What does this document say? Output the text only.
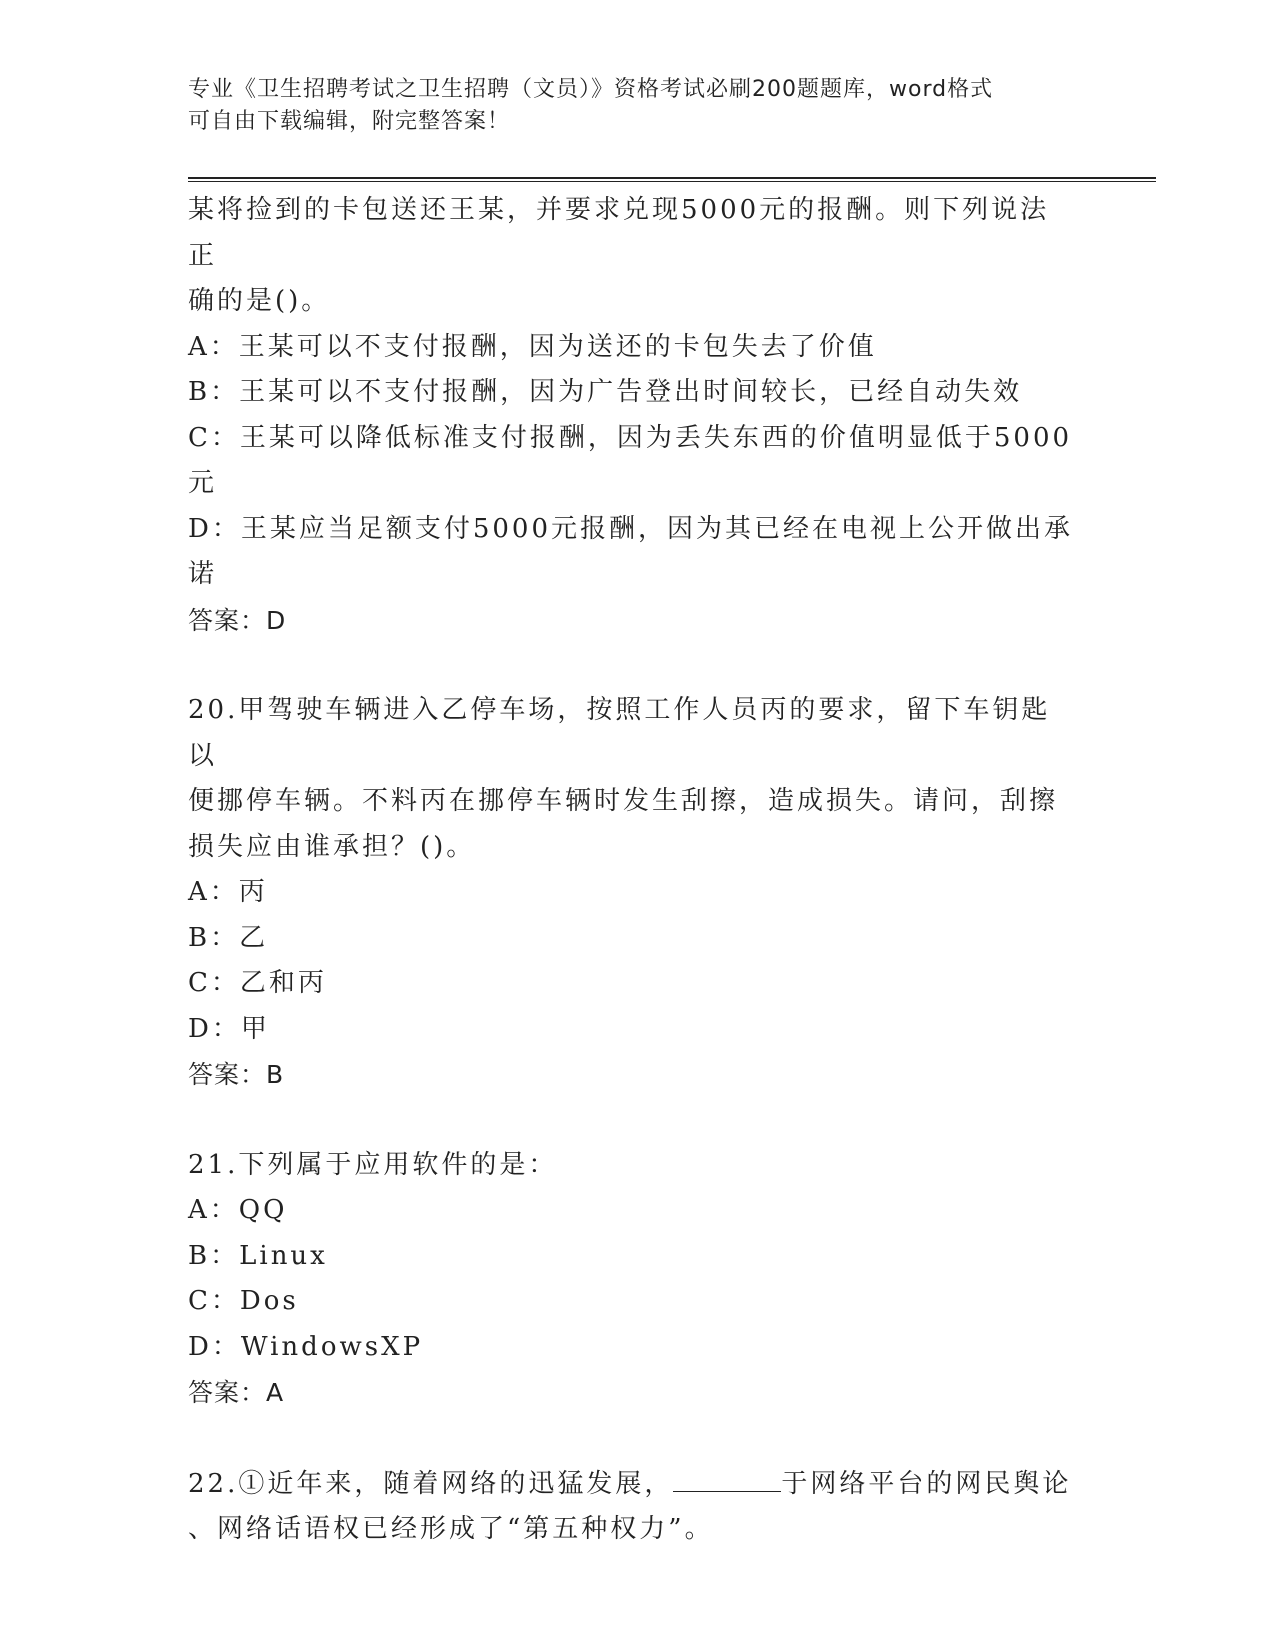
专业《卫生招聘考试之卫生招聘（文员）》资格考试必刷200题题库，word格式
可自由下载编辑，附完整答案！

某将捡到的卡包送还王某，并要求兑现5000元的报酬。则下列说法正

确的是()。

A：王某可以不支付报酬，因为送还的卡包失去了价值

B：王某可以不支付报酬，因为广告登出时间较长，已经自动失效

C：王某可以降低标准支付报酬，因为丢失东西的价值明显低于5000

元

D：王某应当足额支付5000元报酬，因为其已经在电视上公开做出承

诺

答案：D

20.甲驾驶车辆进入乙停车场，按照工作人员丙的要求，留下车钥匙以

便挪停车辆。不料丙在挪停车辆时发生刮擦，造成损失。请问，刮擦

损失应由谁承担？()。

A：丙

B：乙

C：乙和丙

D：甲

答案：B

21.下列属于应用软件的是：

A：QQ

B：Linux

C：Dos

D：WindowsXP

答案：A

22.①近年来，随着网络的迅猛发展，	于网络平台的网民舆论

、网络话语权已经形成了“第五种权力”。
